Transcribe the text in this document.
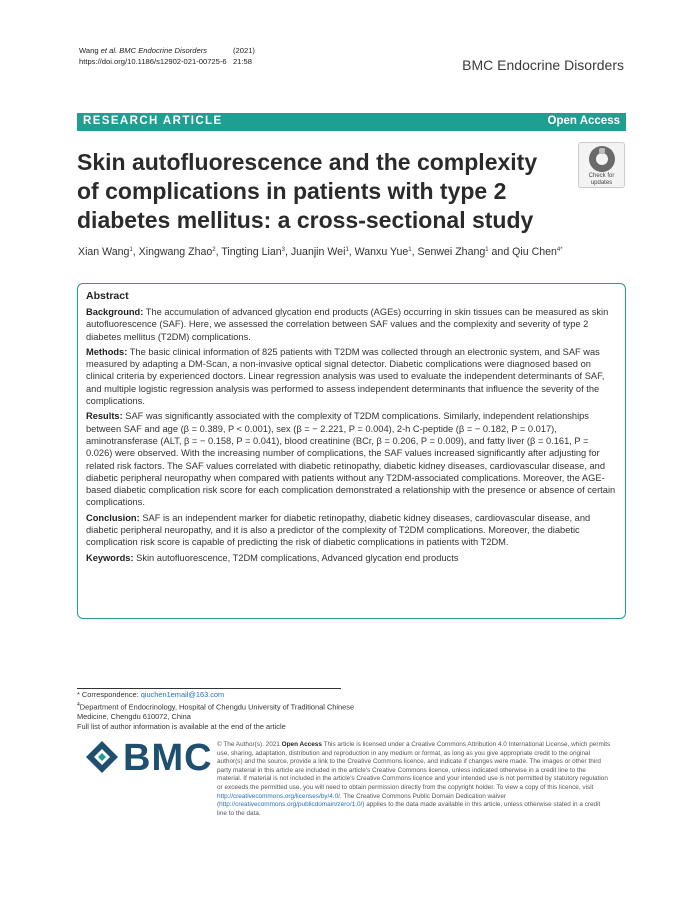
Wang et al. BMC Endocrine Disorders	(2021) 21:58
https://doi.org/10.1186/s12902-021-00725-6	BMC Endocrine Disorders
RESEARCH ARTICLE	Open Access
Skin autofluorescence and the complexity of complications in patients with type 2 diabetes mellitus: a cross-sectional study
Check for
updates
Xian Wang$^1$, Xingwang Zhao$^2$, Tingting Lian$^3$, Juanjin Wei$^1$, Wanxu Yue$^1$, Senwei Zhang$^1$ and Qiu Chen$^{4*}$
Abstract

Background: The accumulation of advanced glycation end products (AGEs) occurring in skin tissues can be measured as skin autofluorescence (SAF). Here, we assessed the correlation between SAF values and the complexity and severity of type 2 diabetes mellitus (T2DM) complications.

Methods: The basic clinical information of 825 patients with T2DM was collected through an electronic system, and SAF was measured by adapting a DM-Scan, a non-invasive optical signal detector. Diabetic complications were diagnosed based on clinical criteria by experienced doctors. Linear regression analysis was used to evaluate the independent determinants of SAF, and multiple logistic regression analysis was performed to assess independent determinants that influence the severity of the complications.

Results: SAF was significantly associated with the complexity of T2DM complications. Similarly, independent relationships between SAF and age (β = 0.389, P < 0.001), sex (β = − 2.221, P = 0.004), 2-h C-peptide (β = − 0.182, P = 0.017), aminotransferase (ALT, β = − 0.158, P = 0.041), blood creatinine (BCr, β = 0.206, P = 0.009), and fatty liver (β = 0.161, P = 0.026) were observed. With the increasing number of complications, the SAF values increased significantly after adjusting for related risk factors. The SAF values correlated with diabetic retinopathy, diabetic kidney diseases, cardiovascular disease, and diabetic peripheral neuropathy when compared with patients without any T2DM-associated complications. Moreover, the AGE-based diabetic complication risk score for each complication demonstrated a relationship with the presence or absence of certain complications.

Conclusion: SAF is an independent marker for diabetic retinopathy, diabetic kidney diseases, cardiovascular disease, and diabetic peripheral neuropathy, and it is also a predictor of the complexity of T2DM complications. Moreover, the diabetic complication risk score is capable of predicting the risk of diabetic complications in patients with T2DM.

Keywords: Skin autofluorescence, T2DM complications, Advanced glycation end products

* Correspondence: qiuchen1email@163.com
$^4$Department of Endocrinology, Hospital of Chengdu University of Traditional Chinese Medicine, Chengdu 610072, China
Full list of author information is available at the end of the article
BMC © The Author(s). 2021 Open Access This article is licensed under a Creative Commons Attribution 4.0 International License, which permits use, sharing, adaptation, distribution and reproduction in any medium or format, as long as you give appropriate credit to the original author(s) and the source, provide a link to the Creative Commons licence, and indicate if changes were made. The images or other third party material in this article are included in the article's Creative Commons licence, unless indicated otherwise in a credit line to the material. If material is not included in the article's Creative Commons licence and your intended use is not permitted by statutory regulation or exceeds the permitted use, you will need to obtain permission directly from the copyright holder. To view a copy of this licence, visit http://creativecommons.org/licenses/by/4.0/. The Creative Commons Public Domain Dedication waiver (http://creativecommons.org/publicdomain/zero/1.0/) applies to the data made available in this article, unless otherwise stated in a credit line to the data.
